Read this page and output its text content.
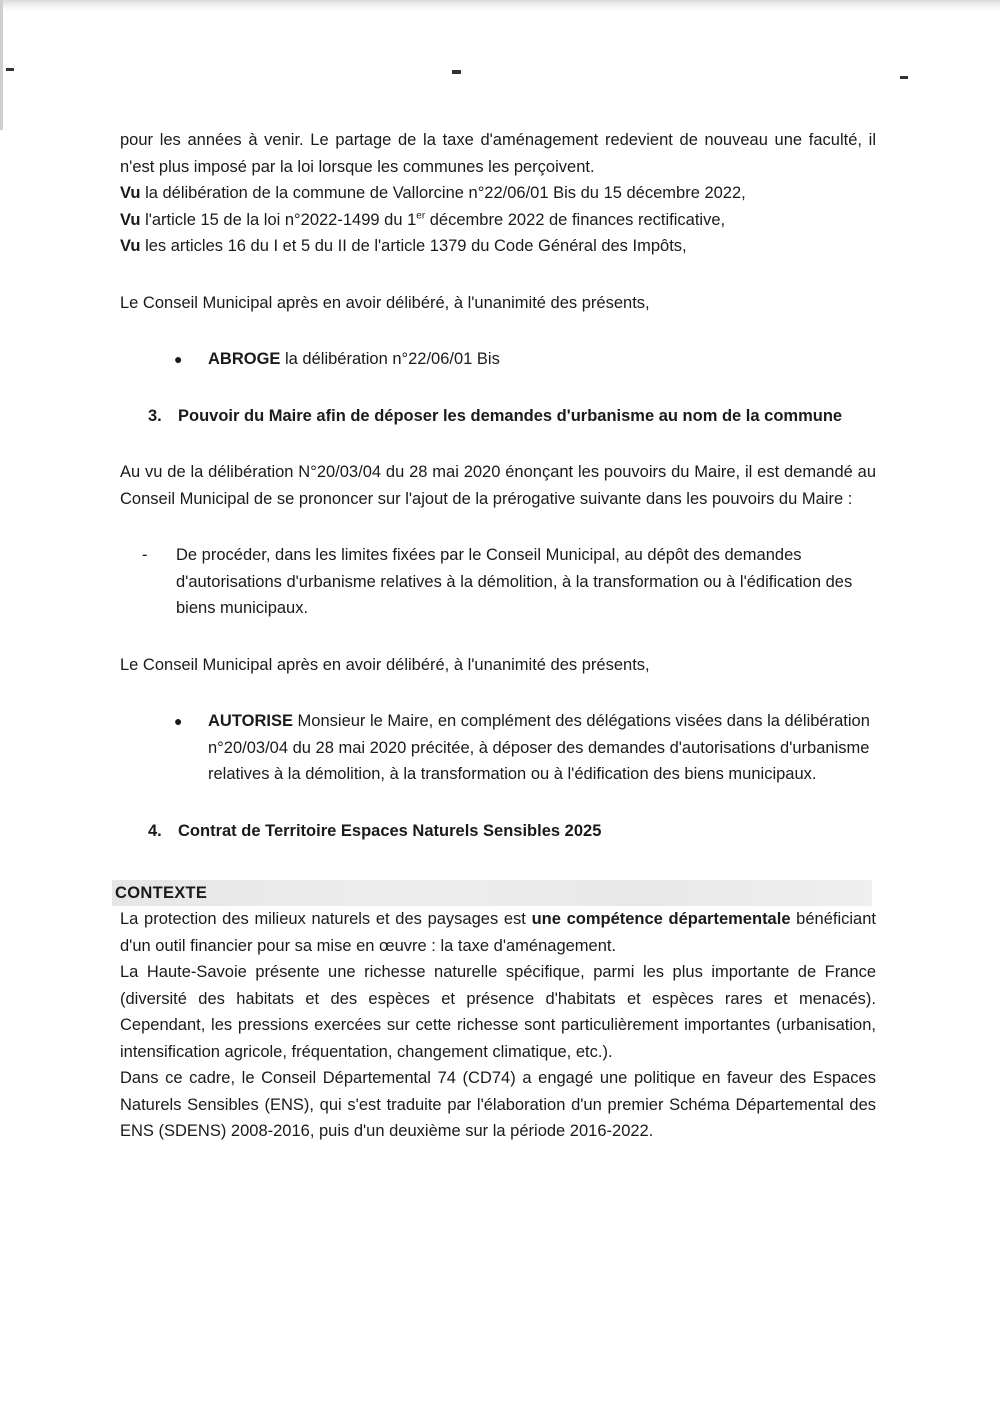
pour les années à venir. Le partage de la taxe d'aménagement redevient de nouveau une faculté, il n'est plus imposé par la loi lorsque les communes les perçoivent.

Vu la délibération de la commune de Vallorcine n°22/06/01 Bis du 15 décembre 2022,

Vu l'article 15 de la loi n°2022-1499 du 1er décembre 2022 de finances rectificative,

Vu les articles 16 du I et 5 du II de l'article 1379 du Code Général des Impôts,

Le Conseil Municipal après en avoir délibéré, à l'unanimité des présents,

●	ABROGE la délibération n°22/06/01 Bis

3. Pouvoir du Maire afin de déposer les demandes d'urbanisme au nom de la commune

Au vu de la délibération N°20/03/04 du 28 mai 2020 énonçant les pouvoirs du Maire, il est demandé au Conseil Municipal de se prononcer sur l'ajout de la prérogative suivante dans les pouvoirs du Maire :

-	De procéder, dans les limites fixées par le Conseil Municipal, au dépôt des demandes d'autorisations d'urbanisme relatives à la démolition, à la transformation ou à l'édification des biens municipaux.

Le Conseil Municipal après en avoir délibéré, à l'unanimité des présents,

●	AUTORISE Monsieur le Maire, en complément des délégations visées dans la délibération n°20/03/04 du 28 mai 2020 précitée, à déposer des demandes d'autorisations d'urbanisme relatives à la démolition, à la transformation ou à l'édification des biens municipaux.

4. Contrat de Territoire Espaces Naturels Sensibles 2025

CONTEXTE

La protection des milieux naturels et des paysages est une compétence départementale bénéficiant d'un outil financier pour sa mise en œuvre : la taxe d'aménagement.

La Haute-Savoie présente une richesse naturelle spécifique, parmi les plus importante de France (diversité des habitats et des espèces et présence d'habitats et espèces rares et menacés). Cependant, les pressions exercées sur cette richesse sont particulièrement importantes (urbanisation, intensification agricole, fréquentation, changement climatique, etc.).

Dans ce cadre, le Conseil Départemental 74 (CD74) a engagé une politique en faveur des Espaces Naturels Sensibles (ENS), qui s'est traduite par l'élaboration d'un premier Schéma Départemental des ENS (SDENS) 2008-2016, puis d'un deuxième sur la période 2016-2022.
